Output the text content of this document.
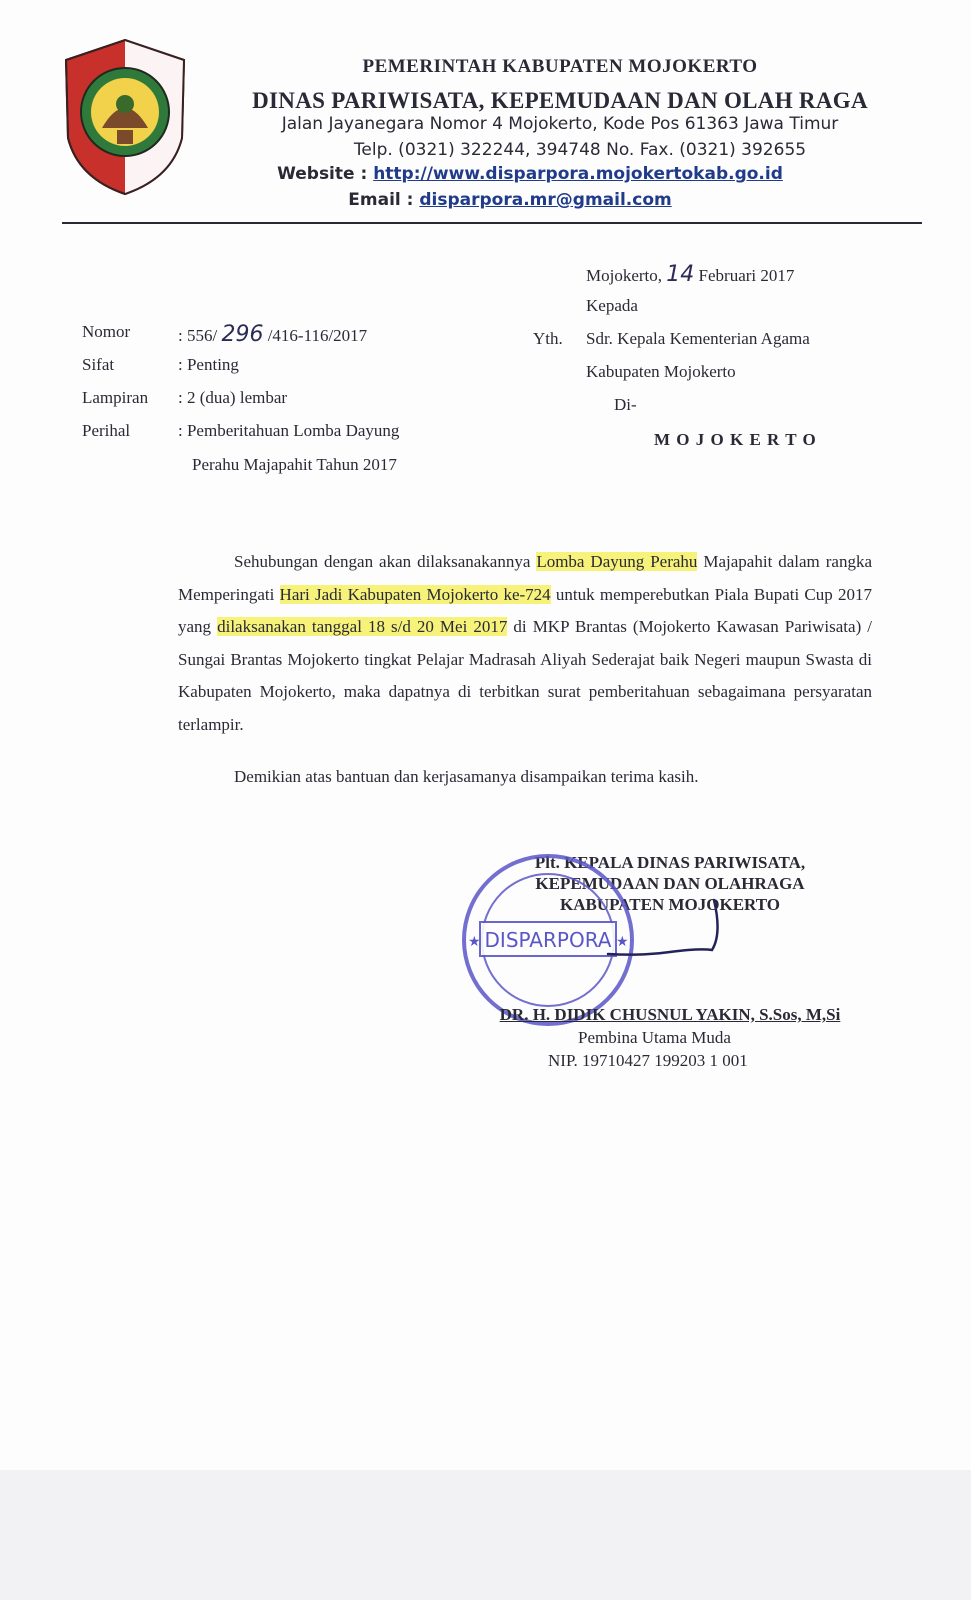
PEMERINTAH KABUPATEN MOJOKERTO
DINAS PARIWISATA, KEPEMUDAAN DAN OLAH RAGA
Jalan Jayanegara Nomor 4 Mojokerto, Kode Pos 61363 Jawa Timur
Telp. (0321) 322244, 394748 No. Fax. (0321) 392655
Website : http://www.disparpora.mojokertokab.go.id
Email : disparpora.mr@gmail.com
Mojokerto, 14 Februari 2017
Kepada
Yth. Sdr. Kepala Kementerian Agama
Kabupaten Mojokerto
Di-
M O J O K E R T O
Nomor	: 556/ 296 /416-116/2017
Sifat	: Penting
Lampiran : 2 (dua) lembar
Perihal	: Pemberitahuan Lomba Dayung
Perahu Majapahit Tahun 2017

Sehubungan dengan akan dilaksanakannya Lomba Dayung Perahu Majapahit dalam rangka Memperingati Hari Jadi Kabupaten Mojokerto ke-724 untuk memperebutkan Piala Bupati Cup 2017 yang dilaksanakan tanggal 18 s/d 20 Mei 2017 di MKP Brantas (Mojokerto Kawasan Pariwisata) / Sungai Brantas Mojokerto tingkat Pelajar Madrasah Aliyah Sederajat baik Negeri maupun Swasta di Kabupaten Mojokerto, maka dapatnya di terbitkan surat pemberitahuan sebagaimana persyaratan terlampir.

Demikian atas bantuan dan kerjasamanya disampaikan terima kasih.

Plt. KEPALA DINAS PARIWISATA,
KEPEMUDAAN DAN OLAHRAGA
KABUPATEN MOJOKERTO
DISPARPORA
★	★
DR. H. DIDIK CHUSNUL YAKIN, S.Sos, M,Si
Pembina Utama Muda
NIP. 19710427 199203 1 001
